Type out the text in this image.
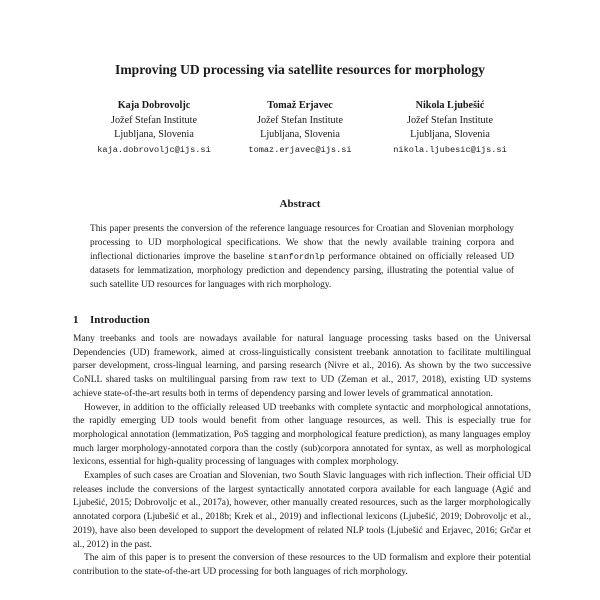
Improving UD processing via satellite resources for morphology
Kaja Dobrovoljc
Jožef Stefan Institute
Ljubljana, Slovenia
kaja.dobrovoljc@ijs.si
Tomaž Erjavec
Jožef Stefan Institute
Ljubljana, Slovenia
tomaz.erjavec@ijs.si
Nikola Ljubešić
Jožef Stefan Institute
Ljubljana, Slovenia
nikola.ljubesic@ijs.si
Abstract
This paper presents the conversion of the reference language resources for Croatian and Slovenian morphology processing to UD morphological specifications. We show that the newly available training corpora and inflectional dictionaries improve the baseline stanfordnlp performance obtained on officially released UD datasets for lemmatization, morphology prediction and dependency parsing, illustrating the potential value of such satellite UD resources for languages with rich morphology.
1 Introduction

Many treebanks and tools are nowadays available for natural language processing tasks based on the Universal Dependencies (UD) framework, aimed at cross-linguistically consistent treebank annotation to facilitate multilingual parser development, cross-lingual learning, and parsing research (Nivre et al., 2016). As shown by the two successive CoNLL shared tasks on multilingual parsing from raw text to UD (Zeman et al., 2017, 2018), existing UD systems achieve state-of-the-art results both in terms of dependency parsing and lower levels of grammatical annotation.

However, in addition to the officially released UD treebanks with complete syntactic and morphological annotations, the rapidly emerging UD tools would benefit from other language resources, as well. This is especially true for morphological annotation (lemmatization, PoS tagging and morphological feature prediction), as many languages employ much larger morphology-annotated corpora than the costly (sub)corpora annotated for syntax, as well as morphological lexicons, essential for high-quality processing of languages with complex morphology.

Examples of such cases are Croatian and Slovenian, two South Slavic languages with rich inflection. Their official UD releases include the conversions of the largest syntactically annotated corpora available for each language (Agić and Ljubešić, 2015; Dobrovoljc et al., 2017a), however, other manually created resources, such as the larger morphologically annotated corpora (Ljubešić et al., 2018b; Krek et al., 2019) and inflectional lexicons (Ljubešić, 2019; Dobrovoljc et al., 2019), have also been developed to support the development of related NLP tools (Ljubešić and Erjavec, 2016; Grčar et al., 2012) in the past.

The aim of this paper is to present the conversion of these resources to the UD formalism and explore their potential contribution to the state-of-the-art UD processing for both languages of rich morphology.
